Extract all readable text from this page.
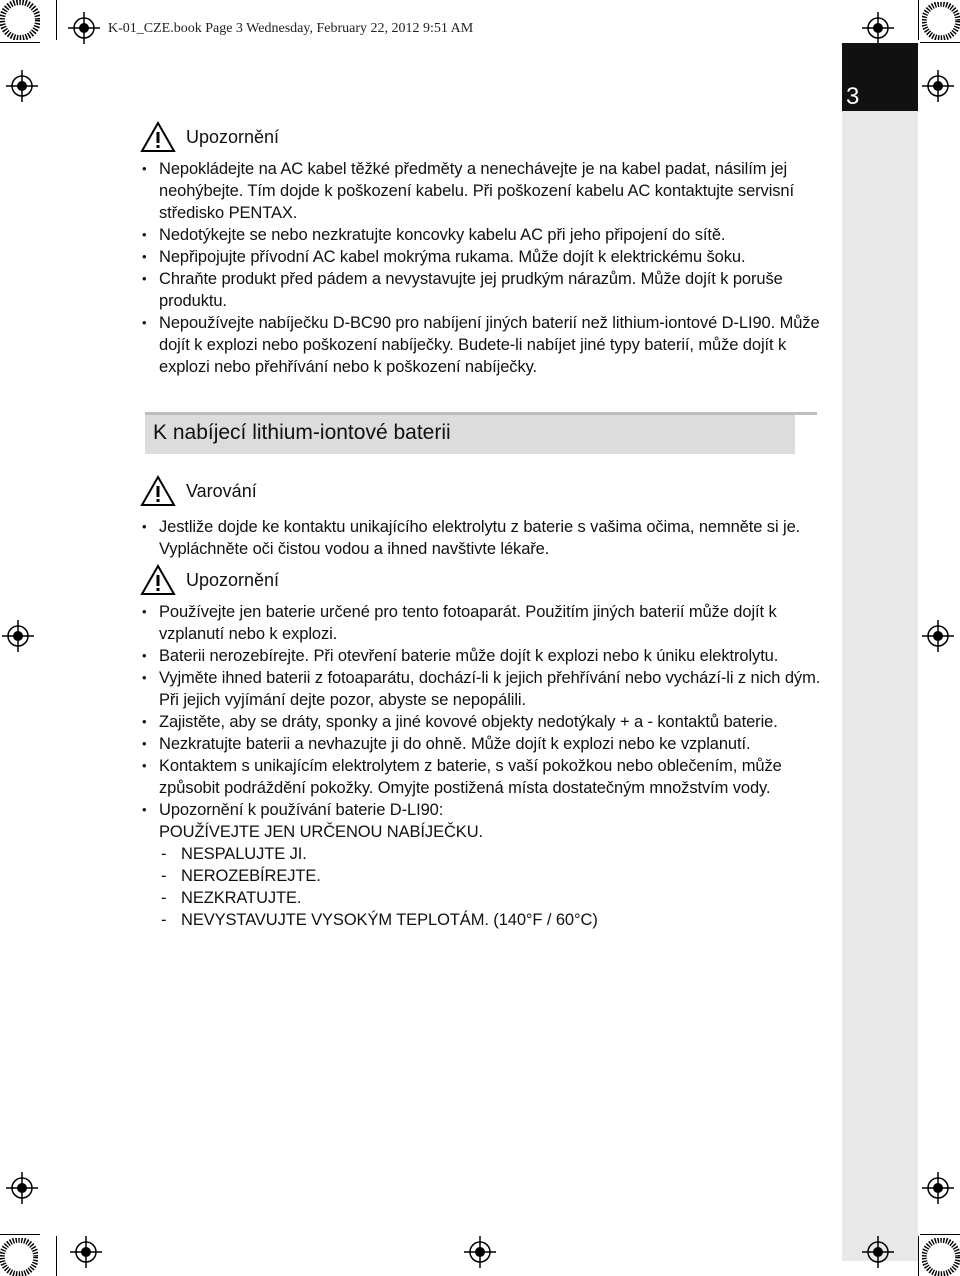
K-01_CZE.book Page 3 Wednesday, February 22, 2012 9:51 AM
3
Upozornění
• Nepokládejte na AC kabel těžké předměty a nenechávejte je na kabel padat, násilím jej neohýbejte. Tím dojde k poškození kabelu. Při poškození kabelu AC kontaktujte servisní středisko PENTAX.
• Nedotýkejte se nebo nezkratujte koncovky kabelu AC při jeho připojení do sítě.
• Nepřipojujte přívodní AC kabel mokrýma rukama. Může dojít k elektrickému šoku.
• Chraňte produkt před pádem a nevystavujte jej prudkým nárazům. Může dojít k poruše produktu.
• Nepoužívejte nabíječku D-BC90 pro nabíjení jiných baterií než lithium-iontové D-LI90. Může dojít k explozi nebo poškození nabíječky. Budete-li nabíjet jiné typy baterií, může dojít k explozi nebo přehřívání nebo k poškození nabíječky.
K nabíjecí lithium-iontové baterii
Varování
• Jestliže dojde ke kontaktu unikajícího elektrolytu z baterie s vašima očima, nemněte si je. Vypláchněte oči čistou vodou a ihned navštivte lékaře.
Upozornění
• Používejte jen baterie určené pro tento fotoaparát. Použitím jiných baterií může dojít k vzplanutí nebo k explozi.
• Baterii nerozebírejte. Při otevření baterie může dojít k explozi nebo k úniku elektrolytu.
• Vyjměte ihned baterii z fotoaparátu, dochází-li k jejich přehřívání nebo vychází-li z nich dým. Při jejich vyjímání dejte pozor, abyste se nepopálili.
• Zajistěte, aby se dráty, sponky a jiné kovové objekty nedotýkaly + a - kontaktů baterie.
• Nezkratujte baterii a nevhazujte ji do ohně. Může dojít k explozi nebo ke vzplanutí.
• Kontaktem s unikajícím elektrolytem z baterie, s vaší pokožkou nebo oblečením, může způsobit podráždění pokožky. Omyjte postižená místa dostatečným množstvím vody.
• Upozornění k používání baterie D-LI90:
POUŽÍVEJTE JEN URČENOU NABÍJEČKU.
- NESPALUJTE JI.
- NEROZEBÍREJTE.
- NEZKRATUJTE.
- NEVYSTAVUJTE VYSOKÝM TEPLOTÁM. (140°F / 60°C)
